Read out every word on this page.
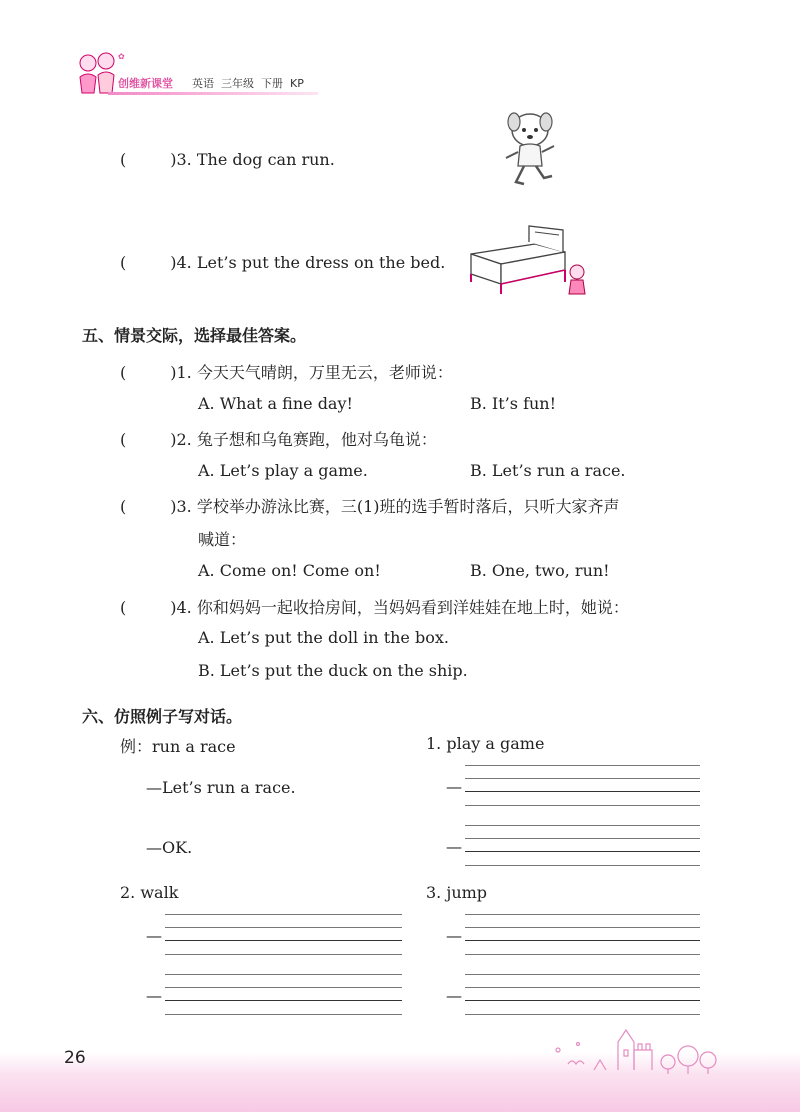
✿
创维新课堂 英语  三年级  下册  KP
(	)3. The dog can run.
(	)4. Let’s put the dress on the bed.
五、情景交际，选择最佳答案。
(	)1. 今天天气晴朗，万里无云，老师说：
A. What a fine day!	B. It’s fun!
(	)2. 兔子想和乌龟赛跑，他对乌龟说：
A. Let’s play a game.	B. Let’s run a race.
(	)3. 学校举办游泳比赛，三(1)班的选手暂时落后，只听大家齐声
喊道：
A. Come on! Come on!	B. One, two, run!
(	)4. 你和妈妈一起收拾房间，当妈妈看到洋娃娃在地上时，她说：
A. Let’s put the doll in the box.
B. Let’s put the duck on the ship.
六、仿照例子写对话。
例：run a race
—Let’s run a race.
—OK.
1. play a game
—
—
2. walk
—
—
3. jump
—
—
26
